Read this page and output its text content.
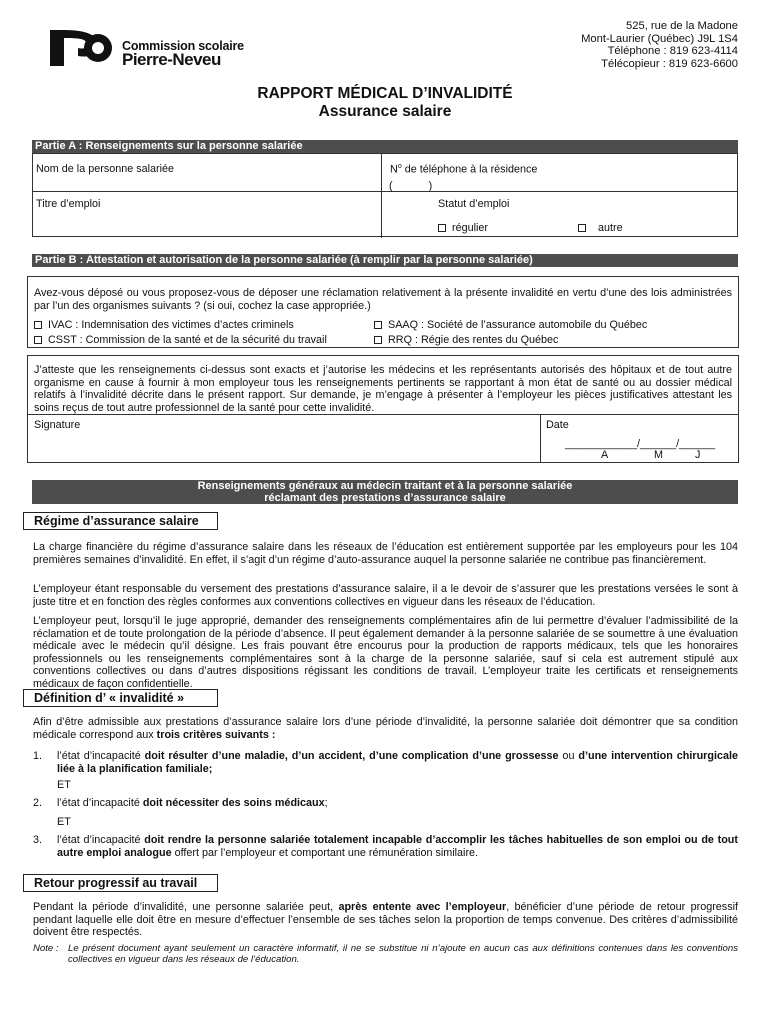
525, rue de la Madone
Mont-Laurier (Québec) J9L 1S4
Téléphone : 819 623-4114
Télécopieur : 819 623-6600
Commission scolaire
Pierre-Neveu
RAPPORT MÉDICAL D’INVALIDITÉ
Assurance salaire
Partie A : Renseignements sur la personne salariée
Nom de la personne salariée	$N^o$ de téléphone à la résidence
(            )
Titre d’emploi	Statut d’emploi
régulier	autre
Partie B : Attestation et autorisation de la personne salariée (à remplir par la personne salariée)
Avez-vous déposé ou vous proposez-vous de déposer une réclamation relativement à la présente invalidité en vertu d’une des lois administrées par l’un des organismes suivants ? (si oui, cochez la case appropriée.)
IVAC : Indemnisation des victimes d’actes criminels	SAAQ : Société de l’assurance automobile du Québec
CSST : Commission de la santé et de la sécurité du travail	RRQ : Régie des rentes du Québec
J’atteste que les renseignements ci-dessus sont exacts et j’autorise les médecins et les représentants autorisés des hôpitaux et de tout autre organisme en cause à fournir à mon employeur tous les renseignements pertinents se rapportant à mon état de santé ou au dossier médical relatifs à l’invalidité décrite dans le présent rapport. Sur demande, je m’engage à présenter à l’employeur les pièces justificatives attestant les soins reçus de tout autre professionnel de la santé pour cette invalidité.
Signature	Date
____________/______/______
A	M	J
Renseignements généraux au médecin traitant et à la personne salariée
réclamant des prestations d’assurance salaire
Régime d’assurance salaire
La charge financière du régime d’assurance salaire dans les réseaux de l’éducation est entièrement supportée par les employeurs pour les 104 premières semaines d’invalidité. En effet, il s’agit d’un régime d’auto-assurance auquel la personne salariée ne contribue pas financièrement.
L’employeur étant responsable du versement des prestations d’assurance salaire, il a le devoir de s’assurer que les prestations versées le sont à juste titre et en fonction des règles conformes aux conventions collectives en vigueur dans les réseaux de l’éducation.
L’employeur peut, lorsqu’il le juge approprié, demander des renseignements complémentaires afin de lui permettre d’évaluer l’admissibilité de la réclamation et de toute prolongation de la période d’absence. Il peut également demander à la personne salariée de se soumettre à une évaluation médicale avec le médecin qu’il désigne. Les frais pouvant être encourus pour la production de rapports médicaux, tels que les honoraires professionnels ou les renseignements complémentaires sont à la charge de la personne salariée, sauf si cela est autrement stipulé aux conventions collectives ou dans d’autres dispositions régissant les conditions de travail. L’employeur traite les certificats et renseignements médicaux de façon confidentielle.
Définition d’ « invalidité »
Afin d’être admissible aux prestations d’assurance salaire lors d’une période d’invalidité, la personne salariée doit démontrer que sa condition médicale correspond aux trois critères suivants :
1. l’état d’incapacité doit résulter d’une maladie, d’un accident, d’une complication d’une grossesse ou d’une intervention chirurgicale liée à la planification familiale;
ET
2. l’état d’incapacité doit nécessiter des soins médicaux;
ET
3. l’état d’incapacité doit rendre la personne salariée totalement incapable d’accomplir les tâches habituelles de son emploi ou de tout autre emploi analogue offert par l’employeur et comportant une rémunération similaire.
Retour progressif au travail
Pendant la période d’invalidité, une personne salariée peut, après entente avec l’employeur, bénéficier d’une période de retour progressif pendant laquelle elle doit être en mesure d’effectuer l’ensemble de ses tâches selon la proportion de temps convenue. Des critères d’admissibilité doivent être respectés.
Note : Le présent document ayant seulement un caractère informatif, il ne se substitue ni n’ajoute en aucun cas aux définitions contenues dans les conventions collectives en vigueur dans les réseaux de l’éducation.
